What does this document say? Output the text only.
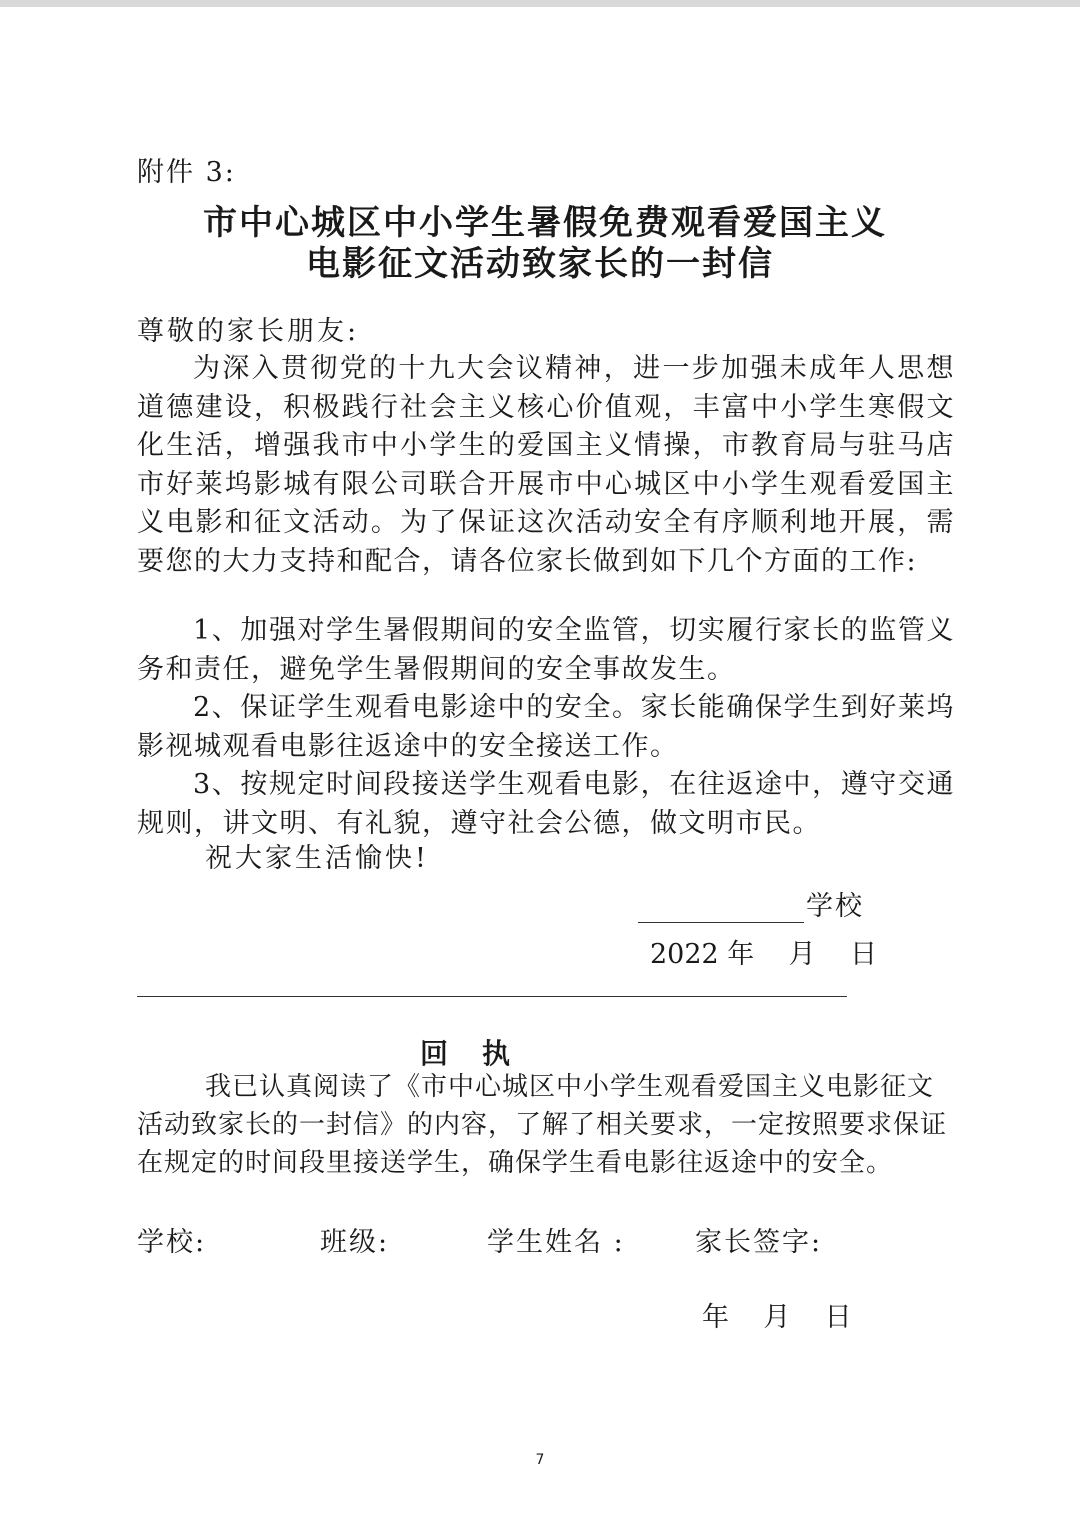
附件 3:
市中心城区中小学生暑假免费观看爱国主义
电影征文活动致家长的一封信
尊敬的家长朋友:

为深入贯彻党的十九大会议精神，进一步加强未成年人思想道德建设，积极践行社会主义核心价值观，丰富中小学生寒假文化生活，增强我市中小学生的爱国主义情操，市教育局与驻马店市好莱坞影城有限公司联合开展市中心城区中小学生观看爱国主义电影和征文活动。为了保证这次活动安全有序顺利地开展，需要您的大力支持和配合，请各位家长做到如下几个方面的工作:

1、加强对学生暑假期间的安全监管，切实履行家长的监管义务和责任，避免学生暑假期间的安全事故发生。

2、保证学生观看电影途中的安全。家长能确保学生到好莱坞影视城观看电影往返途中的安全接送工作。

3、按规定时间段接送学生观看电影，在往返途中，遵守交通规则，讲文明、有礼貌，遵守社会公德，做文明市民。

祝大家生活愉快!
学校
2022 年    月    日
回执
我已认真阅读了《市中心城区中小学生观看爱国主义电影征文
活动致家长的一封信》的内容，了解了相关要求，一定按照要求保证
在规定的时间段里接送学生，确保学生看电影往返途中的安全。
学校:	班级:	学生姓名 :	家长签字:
年    月    日
7
